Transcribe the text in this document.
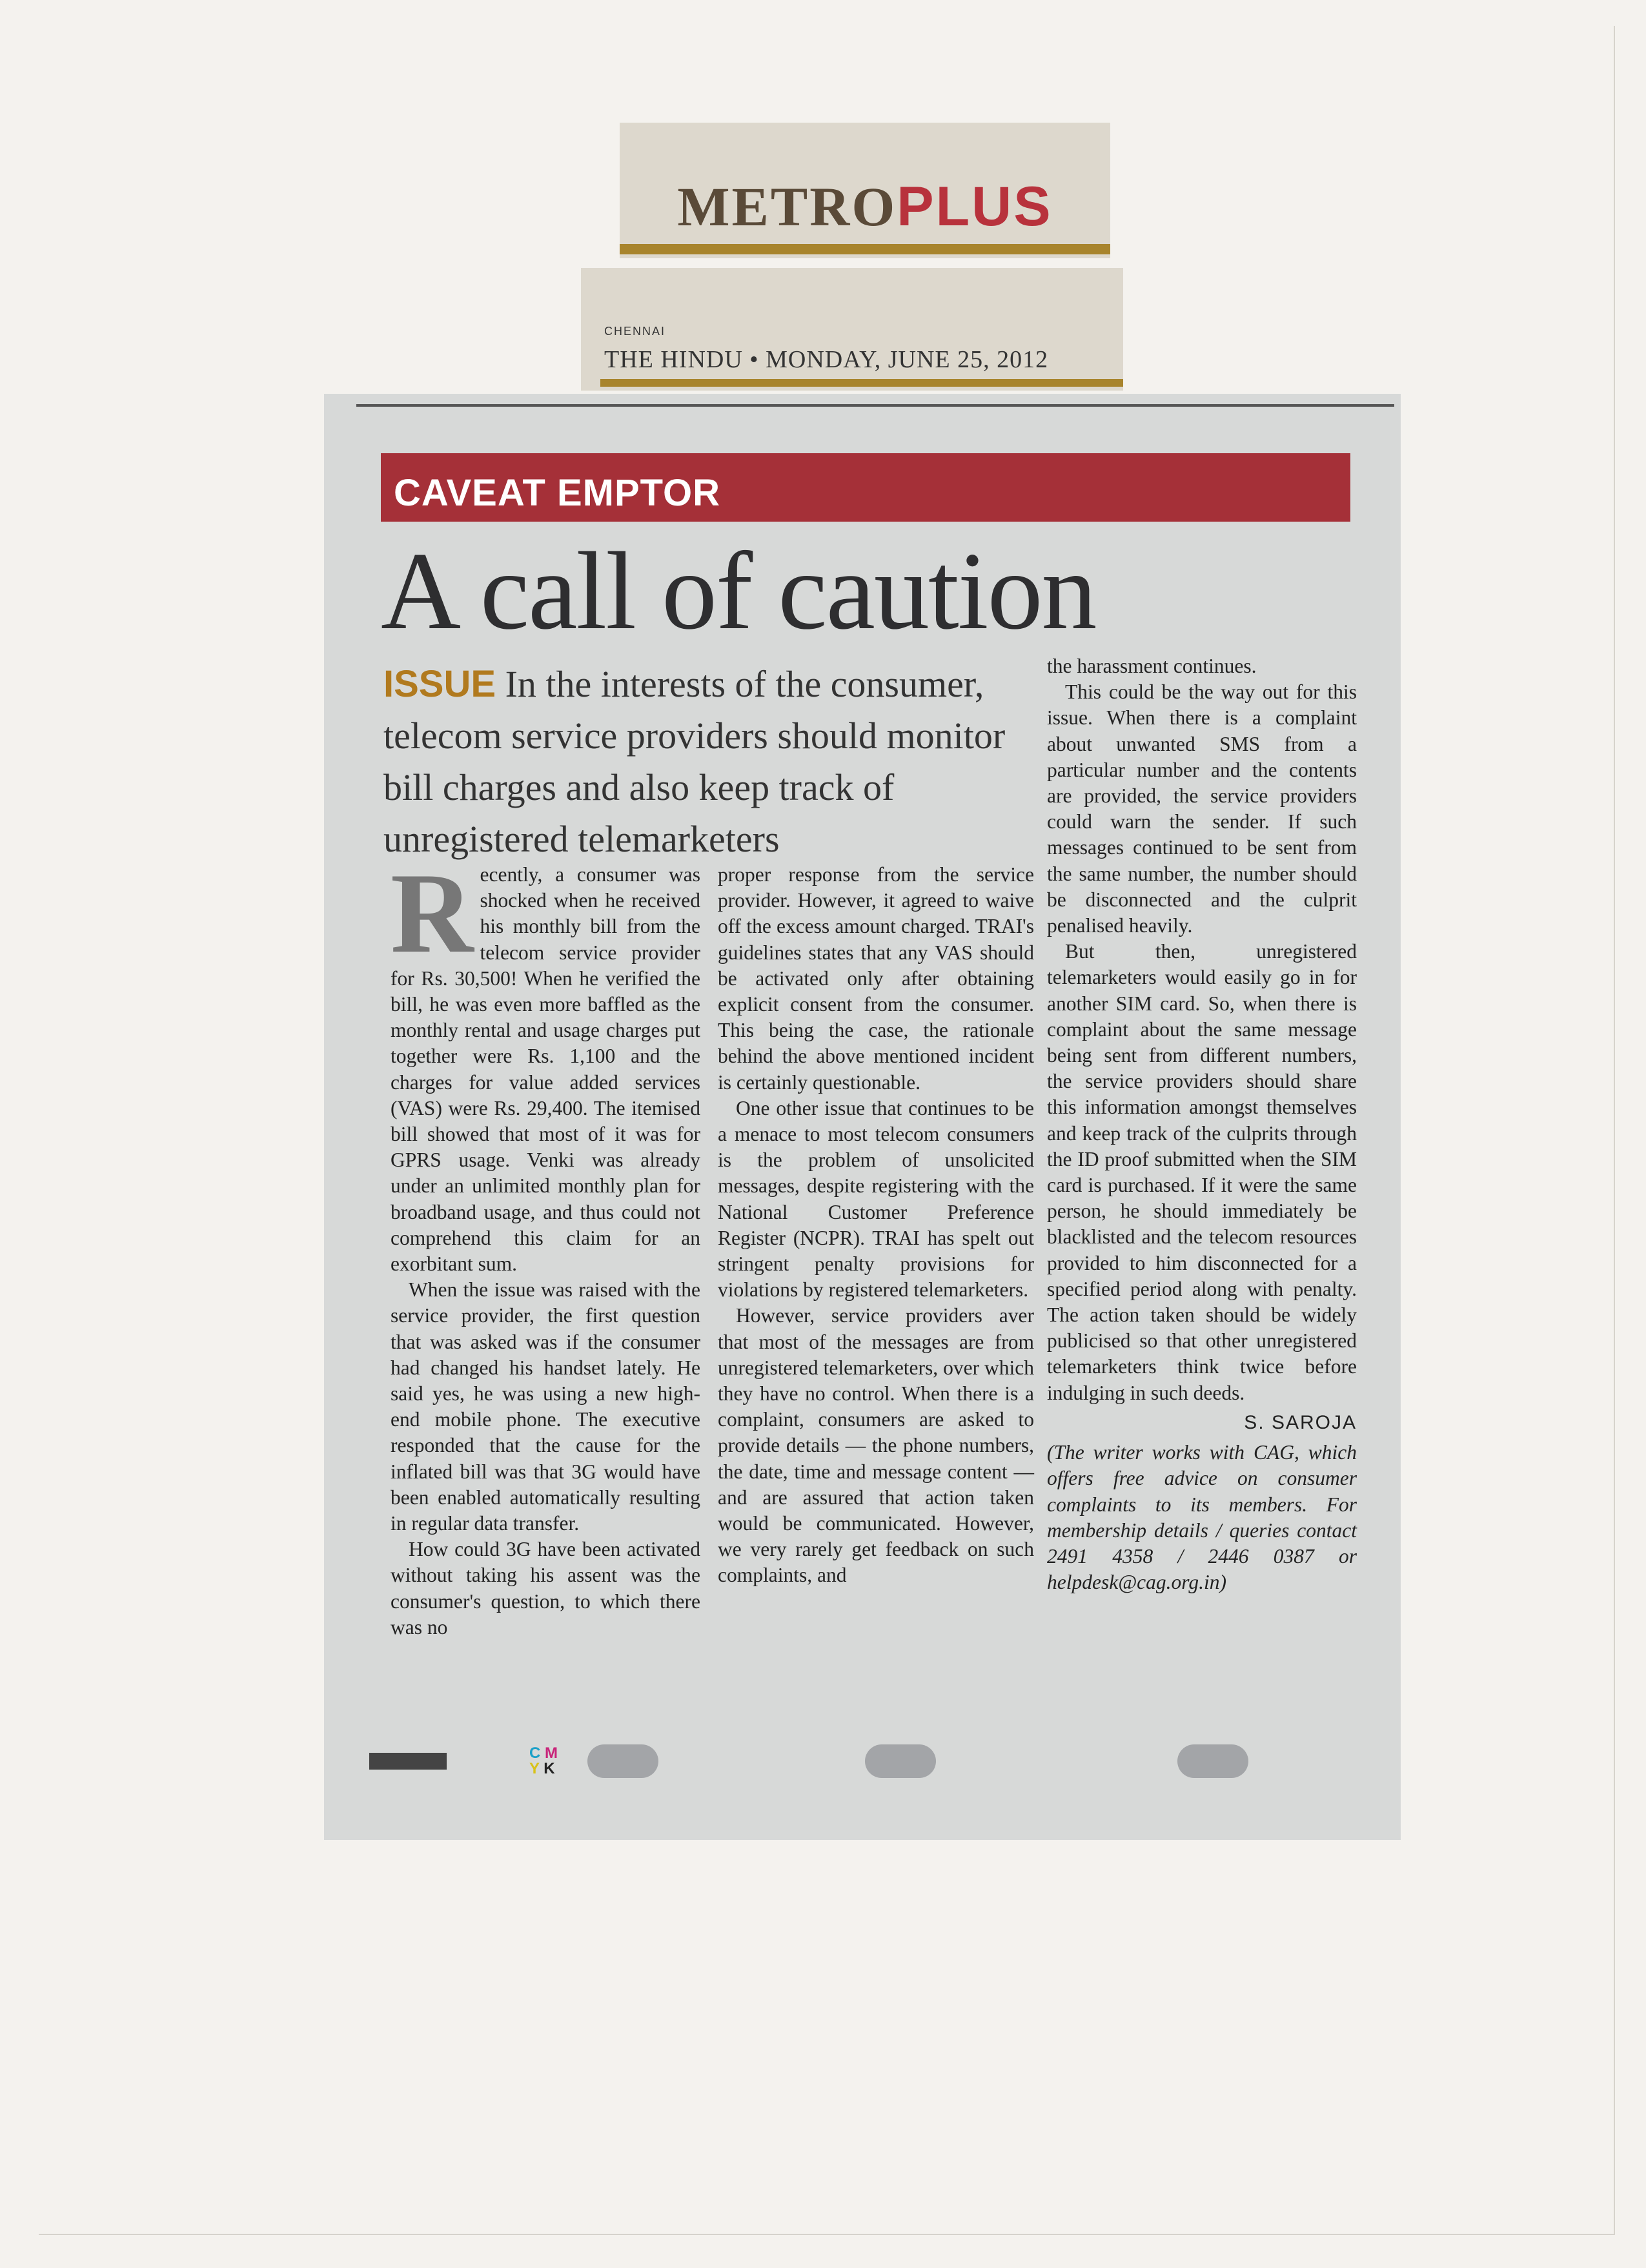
METROPLUS
CHENNAI
THE HINDU • MONDAY, JUNE 25, 2012
CAVEAT EMPTOR
A call of caution
ISSUE In the interests of the consumer, telecom service providers should monitor bill charges and also keep track of unregistered telemarketers

Recently, a consumer was shocked when he received his monthly bill from the telecom service provider for Rs. 30,500! When he verified the bill, he was even more baffled as the monthly rental and usage charges put together were Rs. 1,100 and the charges for value added services (VAS) were Rs. 29,400. The itemised bill showed that most of it was for GPRS usage. Venki was already under an unlimited monthly plan for broadband usage, and thus could not comprehend this claim for an exorbitant sum.

When the issue was raised with the service provider, the first question that was asked was if the consumer had changed his handset lately. He said yes, he was using a new high-end mobile phone. The executive responded that the cause for the inflated bill was that 3G would have been enabled automatically resulting in regular data transfer.

How could 3G have been activated without taking his assent was the consumer's question, to which there was no

proper response from the service provider. However, it agreed to waive off the excess amount charged. TRAI's guidelines states that any VAS should be activated only after obtaining explicit consent from the consumer. This being the case, the rationale behind the above mentioned incident is certainly questionable.

One other issue that continues to be a menace to most telecom consumers is the problem of unsolicited messages, despite registering with the National Customer Preference Register (NCPR). TRAI has spelt out stringent penalty provisions for violations by registered telemarketers.

However, service providers aver that most of the messages are from unregistered telemarketers, over which they have no control. When there is a complaint, consumers are asked to provide details — the phone numbers, the date, time and message content — and are assured that action taken would be communicated. However, we very rarely get feedback on such complaints, and

the harassment continues.

This could be the way out for this issue. When there is a complaint about unwanted SMS from a particular number and the contents are provided, the service providers could warn the sender. If such messages continued to be sent from the same number, the number should be disconnected and the culprit penalised heavily.

But then, unregistered telemarketers would easily go in for another SIM card. So, when there is complaint about the same message being sent from different numbers, the service providers should share this information amongst themselves and keep track of the culprits through the ID proof submitted when the SIM card is purchased. If it were the same person, he should immediately be blacklisted and the telecom resources provided to him disconnected for a specified period along with penalty. The action taken should be widely publicised so that other unregistered telemarketers think twice before indulging in such deeds.

S. SAROJA
(The writer works with CAG, which offers free advice on consumer complaints to its members. For membership details / queries contact 2491 4358 / 2446 0387 or helpdesk@cag.org.in)
C M
Y K
